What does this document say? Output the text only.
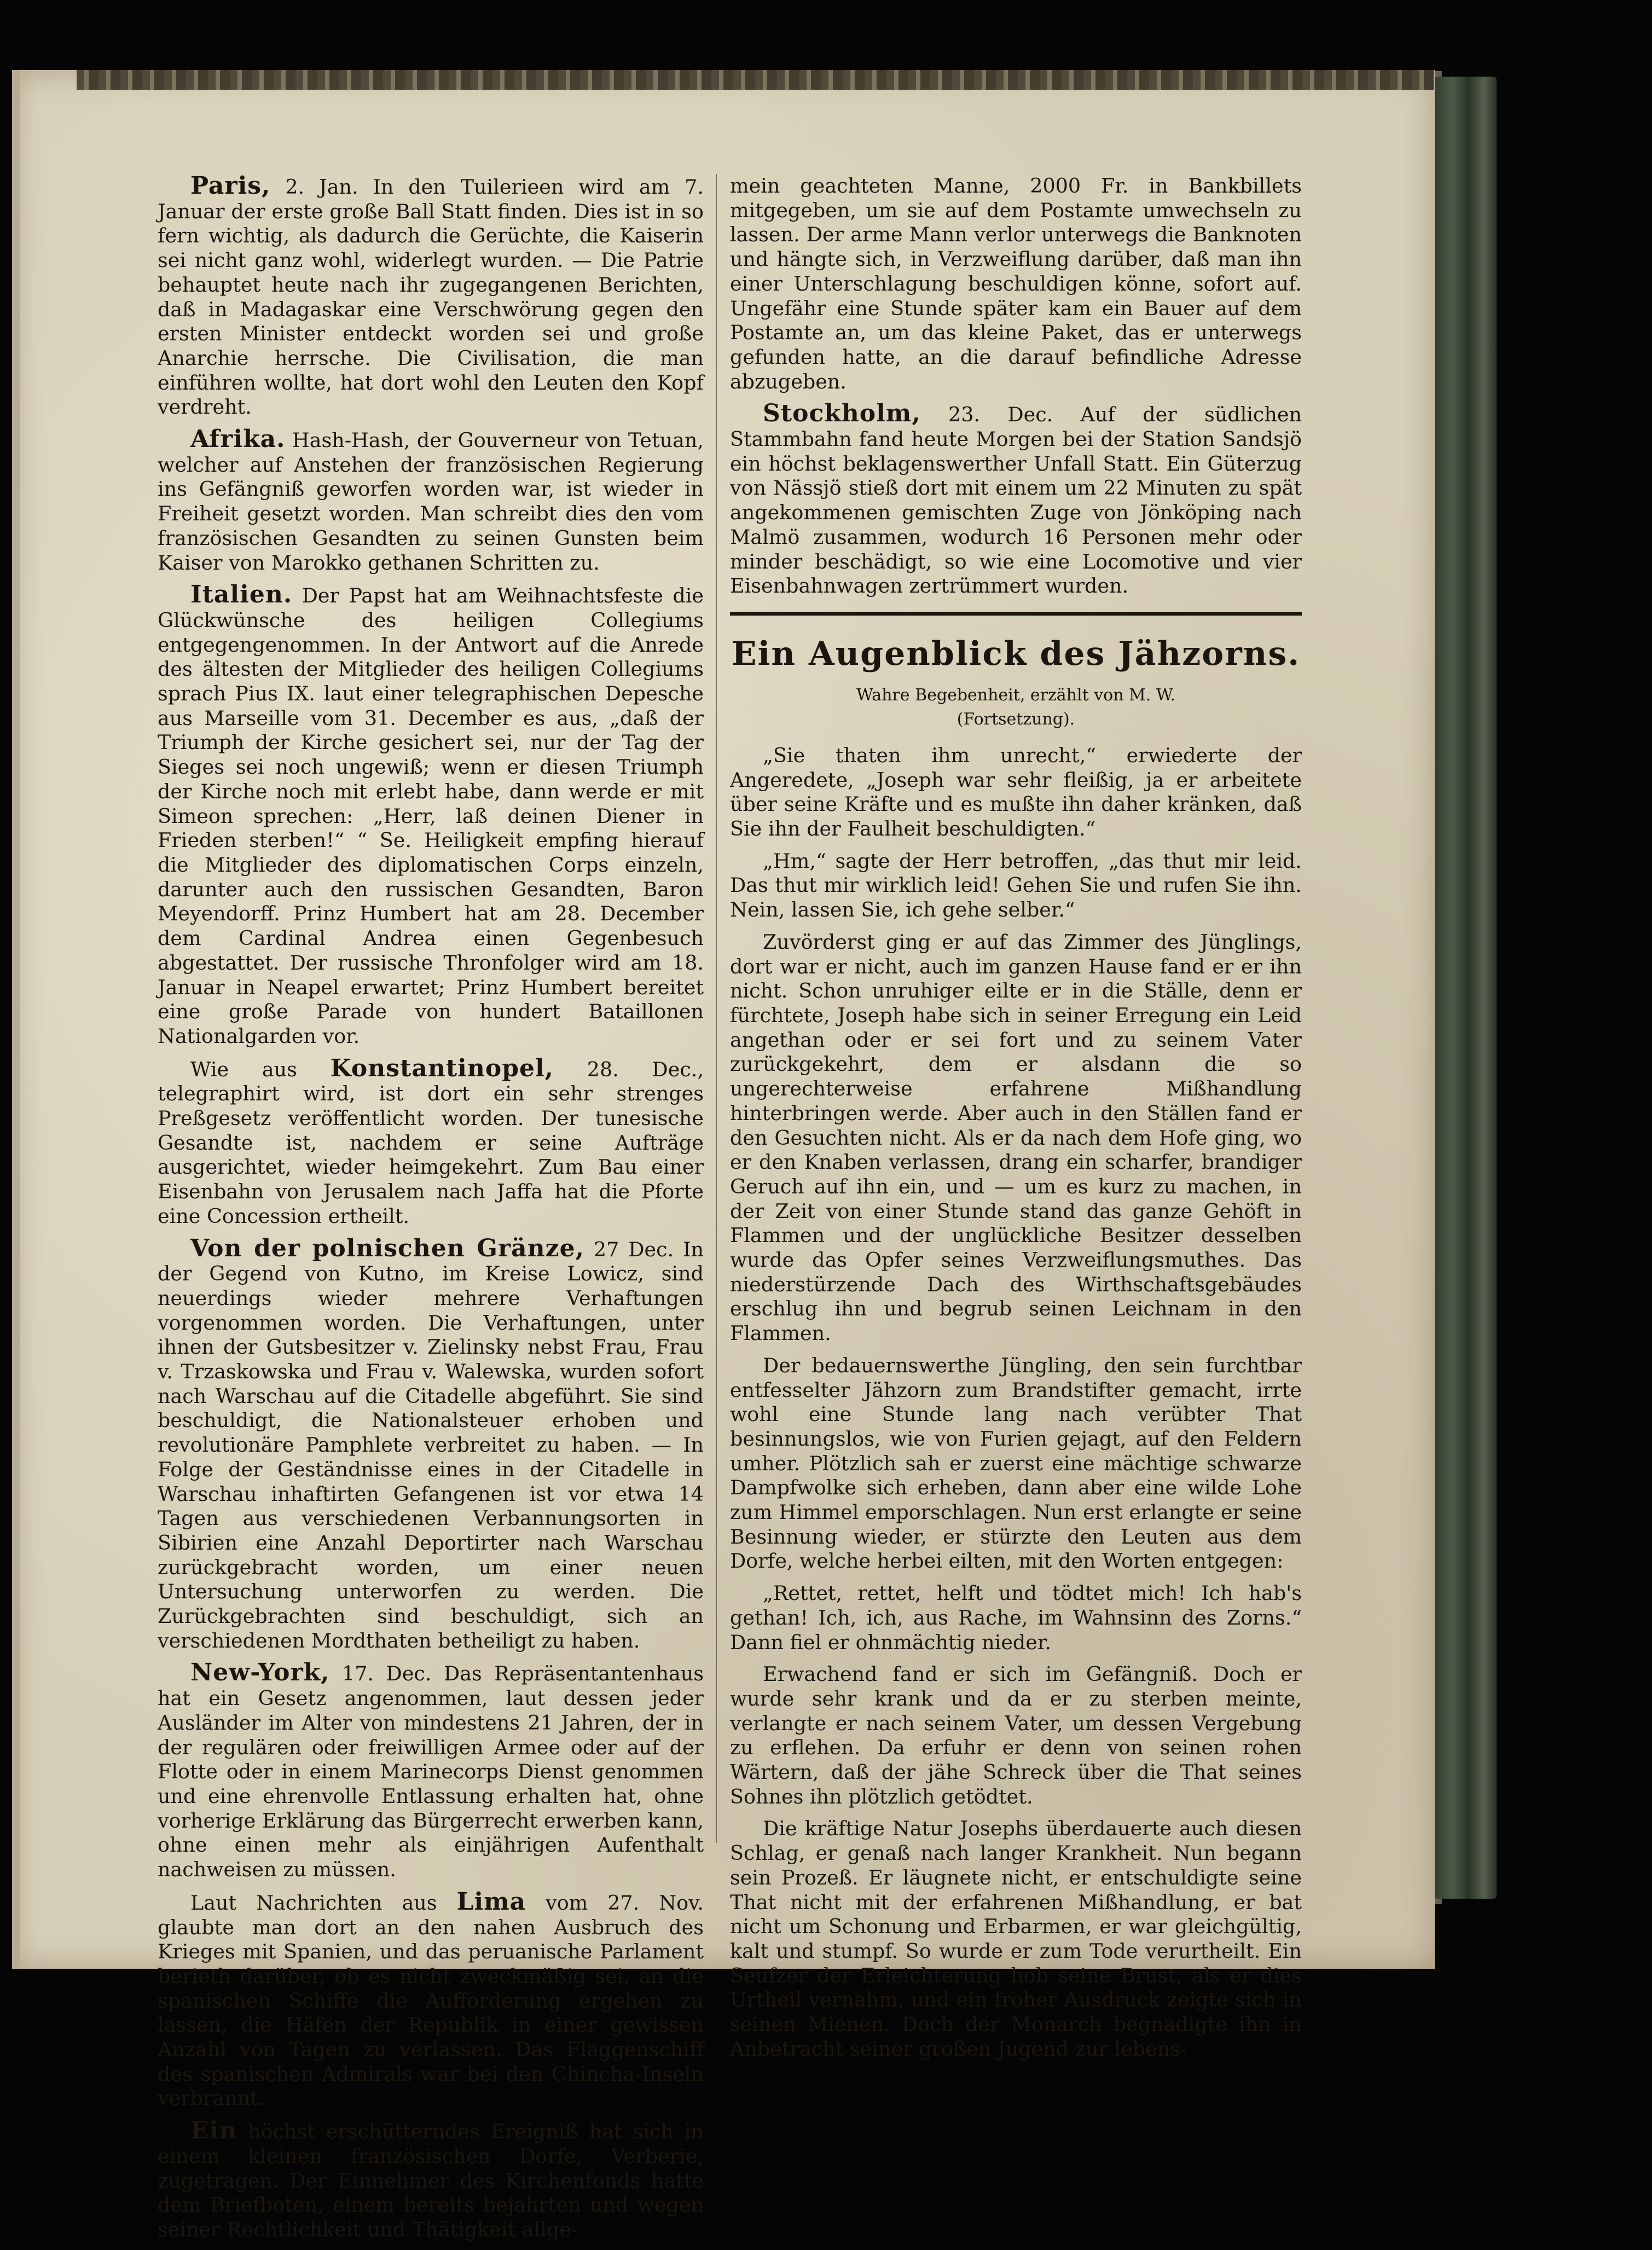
Paris, 2. Jan. In den Tuilerieen wird am 7. Januar der erste große Ball Statt finden. Dies ist in so fern wichtig, als dadurch die Gerüchte, die Kaiserin sei nicht ganz wohl, widerlegt wurden. — Die Patrie behauptet heute nach ihr zugegangenen Berichten, daß in Madagaskar eine Verschwörung gegen den ersten Minister entdeckt worden sei und große Anarchie herrsche. Die Civilisation, die man einführen wollte, hat dort wohl den Leuten den Kopf verdreht.

Afrika. Hash-Hash, der Gouverneur von Tetuan, welcher auf Anstehen der französischen Regierung ins Gefängniß geworfen worden war, ist wieder in Freiheit gesetzt worden. Man schreibt dies den vom französischen Gesandten zu seinen Gunsten beim Kaiser von Marokko gethanen Schritten zu.

Italien. Der Papst hat am Weihnachtsfeste die Glückwünsche des heiligen Collegiums entgegengenommen. In der Antwort auf die Anrede des ältesten der Mitglieder des heiligen Collegiums sprach Pius IX. laut einer telegraphischen Depesche aus Marseille vom 31. December es aus, „daß der Triumph der Kirche gesichert sei, nur der Tag der Sieges sei noch ungewiß; wenn er diesen Triumph der Kirche noch mit erlebt habe, dann werde er mit Simeon sprechen: „Herr, laß deinen Diener in Frieden sterben!“ “ Se. Heiligkeit empfing hierauf die Mitglieder des diplomatischen Corps einzeln, darunter auch den russischen Gesandten, Baron Meyendorff. Prinz Humbert hat am 28. December dem Cardinal Andrea einen Gegenbesuch abgestattet. Der russische Thronfolger wird am 18. Januar in Neapel erwartet; Prinz Humbert bereitet eine große Parade von hundert Bataillonen Nationalgarden vor.

Wie aus Konstantinopel, 28. Dec., telegraphirt wird, ist dort ein sehr strenges Preßgesetz veröffentlicht worden. Der tunesische Gesandte ist, nachdem er seine Aufträge ausgerichtet, wieder heimgekehrt. Zum Bau einer Eisenbahn von Jerusalem nach Jaffa hat die Pforte eine Concession ertheilt.

Von der polnischen Gränze, 27 Dec. In der Gegend von Kutno, im Kreise Lowicz, sind neuerdings wieder mehrere Verhaftungen vorgenommen worden. Die Verhaftungen, unter ihnen der Gutsbesitzer v. Zielinsky nebst Frau, Frau v. Trzaskowska und Frau v. Walewska, wurden sofort nach Warschau auf die Citadelle abgeführt. Sie sind beschuldigt, die Nationalsteuer erhoben und revolutionäre Pamphlete verbreitet zu haben. — In Folge der Geständnisse eines in der Citadelle in Warschau inhaftirten Gefangenen ist vor etwa 14 Tagen aus verschiedenen Verbannungsorten in Sibirien eine Anzahl Deportirter nach Warschau zurückgebracht worden, um einer neuen Untersuchung unterworfen zu werden. Die Zurückgebrachten sind beschuldigt, sich an verschiedenen Mordthaten betheiligt zu haben.

New-York, 17. Dec. Das Repräsentantenhaus hat ein Gesetz angenommen, laut dessen jeder Ausländer im Alter von mindestens 21 Jahren, der in der regulären oder freiwilligen Armee oder auf der Flotte oder in einem Marinecorps Dienst genommen und eine ehrenvolle Entlassung erhalten hat, ohne vorherige Erklärung das Bürgerrecht erwerben kann, ohne einen mehr als einjährigen Aufenthalt nachweisen zu müssen.

Laut Nachrichten aus Lima vom 27. Nov. glaubte man dort an den nahen Ausbruch des Krieges mit Spanien, und das peruanische Parlament berieth darüber, ob es nicht zweckmäßig sei, an die spanischen Schiffe die Aufforderung ergehen zu lassen, die Häfen der Republik in einer gewissen Anzahl von Tagen zu verlassen. Das Flaggenschiff des spanischen Admirals war bei den Chincha-Inseln verbrannt.

Ein höchst erschütterndes Ereigniß hat sich in einem kleinen französischen Dorfe, Verberie, zugetragen. Der Einnehmer des Kirchenfonds hatte dem Briefboten, einem bereits bejahrten und wegen seiner Rechtlichkeit und Thätigkeit allge-

mein geachteten Manne, 2000 Fr. in Bankbillets mitgegeben, um sie auf dem Postamte umwechseln zu lassen. Der arme Mann verlor unterwegs die Banknoten und hängte sich, in Verzweiflung darüber, daß man ihn einer Unterschlagung beschuldigen könne, sofort auf. Ungefähr eine Stunde später kam ein Bauer auf dem Postamte an, um das kleine Paket, das er unterwegs gefunden hatte, an die darauf befindliche Adresse abzugeben.

Stockholm, 23. Dec. Auf der südlichen Stammbahn fand heute Morgen bei der Station Sandsjö ein höchst beklagenswerther Unfall Statt. Ein Güterzug von Nässjö stieß dort mit einem um 22 Minuten zu spät angekommenen gemischten Zuge von Jönköping nach Malmö zusammen, wodurch 16 Personen mehr oder minder beschädigt, so wie eine Locomotive und vier Eisenbahnwagen zertrümmert wurden.

Ein Augenblick des Jähzorns.
Wahre Begebenheit, erzählt von M. W.
(Fortsetzung).

„Sie thaten ihm unrecht,“ erwiederte der Angeredete, „Joseph war sehr fleißig, ja er arbeitete über seine Kräfte und es mußte ihn daher kränken, daß Sie ihn der Faulheit beschuldigten.“

„Hm,“ sagte der Herr betroffen, „das thut mir leid. Das thut mir wirklich leid! Gehen Sie und rufen Sie ihn. Nein, lassen Sie, ich gehe selber.“

Zuvörderst ging er auf das Zimmer des Jünglings, dort war er nicht, auch im ganzen Hause fand er er ihn nicht. Schon unruhiger eilte er in die Ställe, denn er fürchtete, Joseph habe sich in seiner Erregung ein Leid angethan oder er sei fort und zu seinem Vater zurückgekehrt, dem er alsdann die so ungerechterweise erfahrene Mißhandlung hinterbringen werde. Aber auch in den Ställen fand er den Gesuchten nicht. Als er da nach dem Hofe ging, wo er den Knaben verlassen, drang ein scharfer, brandiger Geruch auf ihn ein, und — um es kurz zu machen, in der Zeit von einer Stunde stand das ganze Gehöft in Flammen und der unglückliche Besitzer desselben wurde das Opfer seines Verzweiflungsmuthes. Das niederstürzende Dach des Wirthschaftsgebäudes erschlug ihn und begrub seinen Leichnam in den Flammen.

Der bedauernswerthe Jüngling, den sein furchtbar entfesselter Jähzorn zum Brandstifter gemacht, irrte wohl eine Stunde lang nach verübter That besinnungslos, wie von Furien gejagt, auf den Feldern umher. Plötzlich sah er zuerst eine mächtige schwarze Dampfwolke sich erheben, dann aber eine wilde Lohe zum Himmel emporschlagen. Nun erst erlangte er seine Besinnung wieder, er stürzte den Leuten aus dem Dorfe, welche herbei eilten, mit den Worten entgegen:

„Rettet, rettet, helft und tödtet mich! Ich hab's gethan! Ich, ich, aus Rache, im Wahnsinn des Zorns.“ Dann fiel er ohnmächtig nieder.

Erwachend fand er sich im Gefängniß. Doch er wurde sehr krank und da er zu sterben meinte, verlangte er nach seinem Vater, um dessen Vergebung zu erflehen. Da erfuhr er denn von seinen rohen Wärtern, daß der jähe Schreck über die That seines Sohnes ihn plötzlich getödtet.

Die kräftige Natur Josephs überdauerte auch diesen Schlag, er genaß nach langer Krankheit. Nun begann sein Prozeß. Er läugnete nicht, er entschuldigte seine That nicht mit der erfahrenen Mißhandlung, er bat nicht um Schonung und Erbarmen, er war gleichgültig, kalt und stumpf. So wurde er zum Tode verurtheilt. Ein Seufzer der Erleichterung hob seine Brust, als er dies Urtheil vernahm, und ein froher Ausdruck zeigte sich in seinen Mienen. Doch der Monarch begnadigte ihn in Anbetracht seiner großen Jugend zur lebens-
